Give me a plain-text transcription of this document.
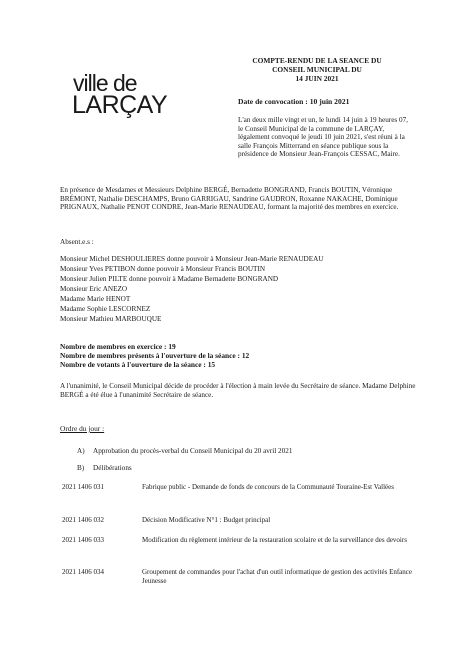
ville de
LARÇAY
COMPTE-RENDU DE LA SEANCE DU
CONSEIL MUNICIPAL DU
14 JUIN 2021
Date de convocation : 10 juin 2021
L'an deux mille vingt et un, le lundi 14 juin à 19 heures 07, le Conseil Municipal de la commune de LARÇAY, légalement convoqué le jeudi 10 juin 2021, s'est réuni à la salle François Mitterrand en séance publique sous la présidence de Monsieur Jean-François CESSAC, Maire.
En présence de Mesdames et Messieurs Delphine BERGÉ, Bernadette BONGRAND, Francis BOUTIN, Véronique BRÉMONT, Nathalie DESCHAMPS, Bruno GARRIGAU, Sandrine GAUDRON, Roxanne NAKACHE, Dominique PRIGNAUX, Nathalie PENOT CONDRE, Jean-Marie RENAUDEAU, formant la majorité des membres en exercice.
Absent.e.s :
Monsieur Michel DESHOULIERES donne pouvoir à Monsieur Jean-Marie RENAUDEAU
Monsieur Yves PETIBON donne pouvoir à Monsieur Francis BOUTIN
Monsieur Julien PILTE donne pouvoir à Madame Bernadette BONGRAND
Monsieur Eric ANEZO
Madame Marie HENOT
Madame Sophie LESCORNEZ
Monsieur Mathieu MARBOUQUE
Nombre de membres en exercice : 19
Nombre de membres présents à l'ouverture de la séance : 12
Nombre de votants à l'ouverture de la séance : 15
A l'unanimité, le Conseil Municipal décide de procéder à l'élection à main levée du Secrétaire de séance. Madame Delphine BERGÉ a été élue à l'unanimité Secrétaire de séance.
Ordre du jour :
A) Approbation du procès-verbal du Conseil Municipal du 20 avril 2021
B) Délibérations
2021 1406 031	Fabrique public - Demande de fonds de concours de la Communauté Touraine-Est Vallées
2021 1406 032	Décision Modificative N°1 : Budget principal
2021 1406 033	Modification du règlement intérieur de la restauration scolaire et de la surveillance des devoirs
2021 1406 034	Groupement de commandes pour l'achat d'un outil informatique de gestion des activités Enfance Jeunesse
